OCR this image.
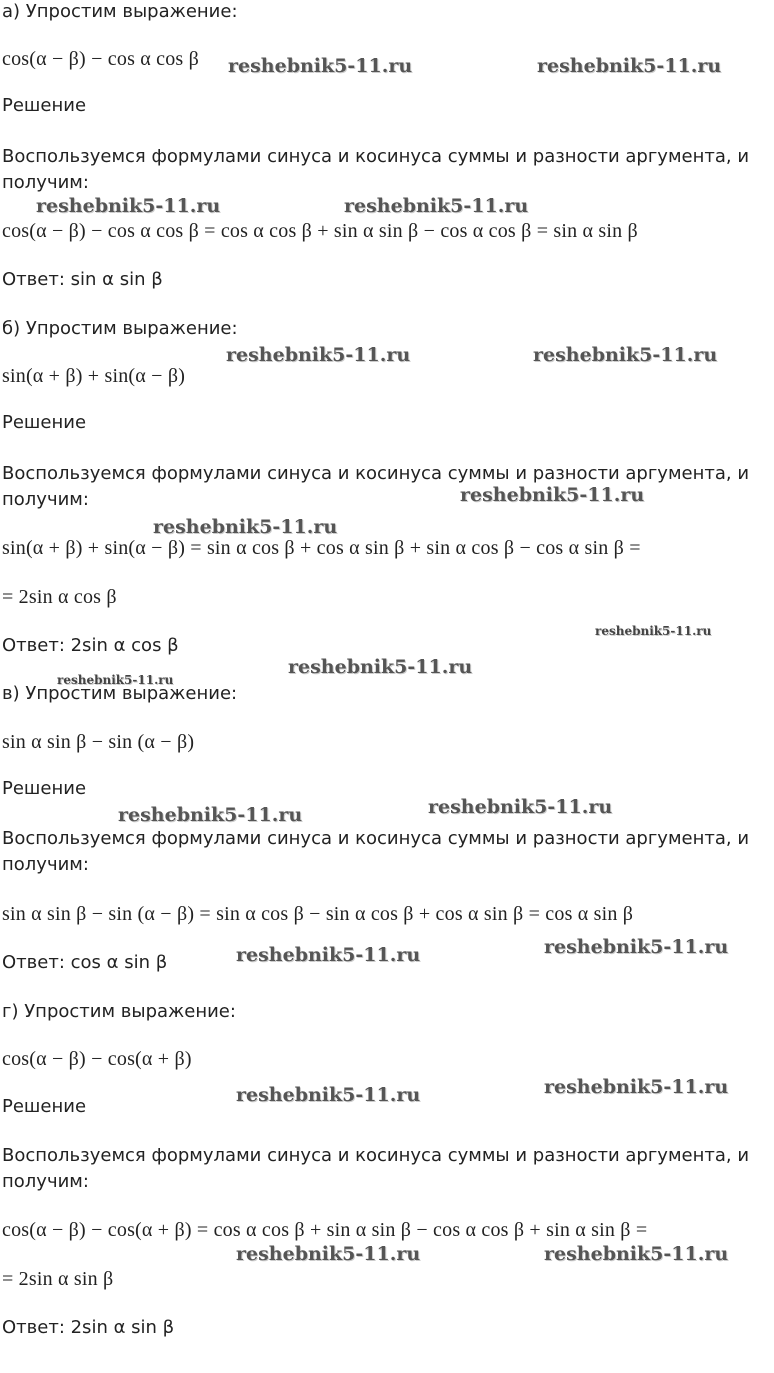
а) Упростим выражение:
cos(α − β) − cos α cos β
Решение
Воспользуемся формулами синуса и косинуса суммы и разности аргумента, и
получим:
cos(α − β) − cos α cos β = cos α cos β + sin α sin β − cos α cos β = sin α sin β
Ответ: sin α sin β
б) Упростим выражение:
sin(α + β) + sin(α − β)
Решение
Воспользуемся формулами синуса и косинуса суммы и разности аргумента, и
получим:
sin(α + β) + sin(α − β) = sin α cos β + cos α sin β + sin α cos β − cos α sin β =
= 2sin α cos β
Ответ: 2sin α cos β
в) Упростим выражение:
sin α sin β − sin (α − β)
Решение
Воспользуемся формулами синуса и косинуса суммы и разности аргумента, и
получим:
sin α sin β − sin (α − β) = sin α cos β − sin α cos β + cos α sin β = cos α sin β
Ответ: cos α sin β
г) Упростим выражение:
cos(α − β) − cos(α + β)
Решение
Воспользуемся формулами синуса и косинуса суммы и разности аргумента, и
получим:
cos(α − β) − cos(α + β) = cos α cos β + sin α sin β − cos α cos β + sin α sin β =
= 2sin α sin β
Ответ: 2sin α sin β
reshebnik5-11.ru	reshebnik5-11.ru
reshebnik5-11.ru	reshebnik5-11.ru
reshebnik5-11.ru	reshebnik5-11.ru
reshebnik5-11.ru
reshebnik5-11.ru
reshebnik5-11.ru
reshebnik5-11.ru
reshebnik5-11.ru
reshebnik5-11.ru
reshebnik5-11.ru
reshebnik5-11.ru
reshebnik5-11.ru
reshebnik5-11.ru
reshebnik5-11.ru
reshebnik5-11.ru	reshebnik5-11.ru
